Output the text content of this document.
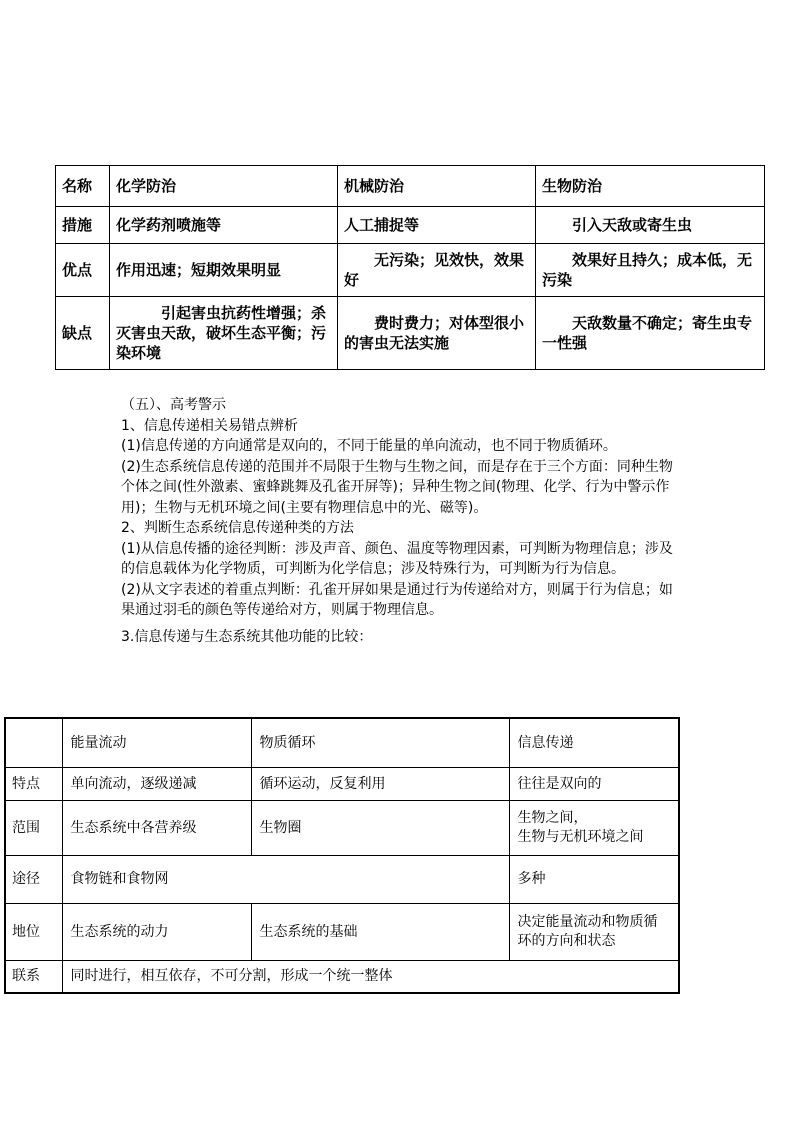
名称	化学防治	机械防治	生物防治
措施	化学药剂喷施等	人工捕捉等	引入天敌或寄生虫
优点	作用迅速；短期效果明显	无污染；见效快，效果好	效果好且持久；成本低，无污染
缺点	引起害虫抗药性增强；杀灭害虫天敌，破坏生态平衡；污染环境	费时费力；对体型很小的害虫无法实施	天敌数量不确定；寄生虫专一性强

（五）、高考警示

1、信息传递相关易错点辨析

(1)信息传递的方向通常是双向的，不同于能量的单向流动，也不同于物质循环。

(2)生态系统信息传递的范围并不局限于生物与生物之间，而是存在于三个方面：同种生物个体之间(性外激素、蜜蜂跳舞及孔雀开屏等)；异种生物之间(物理、化学、行为中警示作用)；生物与无机环境之间(主要有物理信息中的光、磁等)。

2、判断生态系统信息传递种类的方法

(1)从信息传播的途径判断：涉及声音、颜色、温度等物理因素，可判断为物理信息；涉及的信息载体为化学物质，可判断为化学信息；涉及特殊行为，可判断为行为信息。

(2)从文字表述的着重点判断：孔雀开屏如果是通过行为传递给对方，则属于行为信息；如果通过羽毛的颜色等传递给对方，则属于物理信息。

3.信息传递与生态系统其他功能的比较：

	能量流动	物质循环	信息传递
特点	单向流动，逐级递减	循环运动，反复利用	往往是双向的
范围	生态系统中各营养级	生物圈	生物之间，
生物与无机环境之间

途径	食物链和食物网		多种
地位	生态系统的动力	生态系统的基础	决定能量流动和物质循环的方向和状态
联系	同时进行，相互依存，不可分割，形成一个统一整体		
